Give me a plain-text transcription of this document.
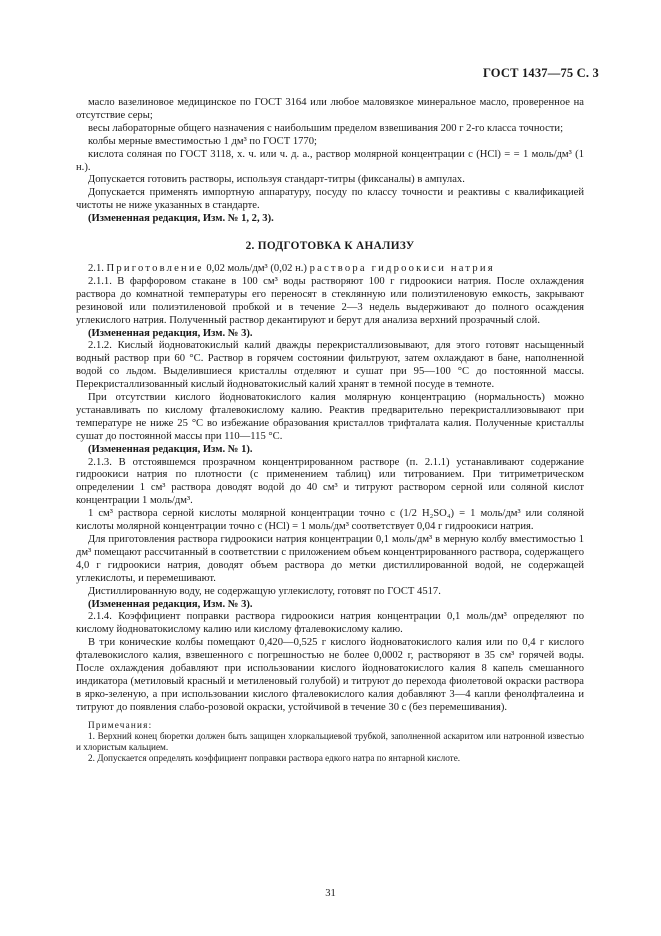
ГОСТ 1437—75 С. 3

масло вазелиновое медицинское по ГОСТ 3164 или любое маловязкое минеральное масло, проверенное на отсутствие серы;

весы лабораторные общего назначения с наибольшим пределом взвешивания 200 г 2-го класса точности;

колбы мерные вместимостью 1 дм³ по ГОСТ 1770;

кислота соляная по ГОСТ 3118, х. ч. или ч. д. а., раствор молярной концентрации c (HCl) = = 1 моль/дм³ (1 н.).

Допускается готовить растворы, используя стандарт-титры (фиксаналы) в ампулах.

Допускается применять импортную аппаратуру, посуду по классу точности и реактивы с квалификацией чистоты не ниже указанных в стандарте.

(Измененная редакция, Изм. № 1, 2, 3).

2. ПОДГОТОВКА К АНАЛИЗУ

2.1. Приготовление 0,02 моль/дм³ (0,02 н.) раствора гидроокиси натрия

2.1.1. В фарфоровом стакане в 100 см³ воды растворяют 100 г гидроокиси натрия. После охлаждения раствора до комнатной температуры его переносят в стеклянную или полиэтиленовую емкость, закрывают резиновой или полиэтиленовой пробкой и в течение 2—3 недель выдерживают до полного осаждения углекислого натрия. Полученный раствор декантируют и берут для анализа верхний прозрачный слой.

(Измененная редакция, Изм. № 3).

2.1.2. Кислый йодноватокислый калий дважды перекристаллизовывают, для этого готовят насыщенный водный раствор при 60 °С. Раствор в горячем состоянии фильтруют, затем охлаждают в бане, наполненной водой со льдом. Выделившиеся кристаллы отделяют и сушат при 95—100 °С до постоянной массы. Перекристаллизованный кислый йодноватокислый калий хранят в темной посуде в темноте.

При отсутствии кислого йодноватокислого калия молярную концентрацию (нормальность) можно устанавливать по кислому фталевокислому калию. Реактив предварительно перекристаллизовывают при температуре не ниже 25 °С во избежание образования кристаллов трифталата калия. Полученные кристаллы сушат до постоянной массы при 110—115 °С.

(Измененная редакция, Изм. № 1).

2.1.3. В отстоявшемся прозрачном концентрированном растворе (п. 2.1.1) устанавливают содержание гидроокиси натрия по плотности (с применением таблиц) или титрованием. При титриметрическом определении 1 см³ раствора доводят водой до 40 см³ и титруют раствором серной или соляной кислот концентрации 1 моль/дм³.

1 см³ раствора серной кислоты молярной концентрации точно c (1/2 H₂SO₄) = 1 моль/дм³ или соляной кислоты молярной концентрации точно c (HCl) = 1 моль/дм³ соответствует 0,04 г гидроокиси натрия.

Для приготовления раствора гидроокиси натрия концентрации 0,1 моль/дм³ в мерную колбу вместимостью 1 дм³ помещают рассчитанный в соответствии с приложением объем концентрированного раствора, содержащего 4,0 г гидроокиси натрия, доводят объем раствора до метки дистиллированной водой, не содержащей углекислоты, и перемешивают.

Дистиллированную воду, не содержащую углекислоту, готовят по ГОСТ 4517.

(Измененная редакция, Изм. № 3).

2.1.4. Коэффициент поправки раствора гидроокиси натрия концентрации 0,1 моль/дм³ определяют по кислому йодноватокислому калию или кислому фталевокислому калию.

В три конические колбы помещают 0,420—0,525 г кислого йодноватокислого калия или по 0,4 г кислого фталевокислого калия, взвешенного с погрешностью не более 0,0002 г, растворяют в 35 см³ горячей воды. После охлаждения добавляют при использовании кислого йодноватокислого калия 8 капель смешанного индикатора (метиловый красный и метиленовый голубой) и титруют до перехода фиолетовой окраски раствора в ярко-зеленую, а при использовании кислого фталевокислого калия добавляют 3—4 капли фенолфталеина и титруют до появления слабо-розовой окраски, устойчивой в течение 30 с (без перемешивания).

Примечания:

1. Верхний конец бюретки должен быть защищен хлоркальциевой трубкой, заполненной аскаритом или натронной известью и хлористым кальцием.

2. Допускается определять коэффициент поправки раствора едкого натра по янтарной кислоте.

31
